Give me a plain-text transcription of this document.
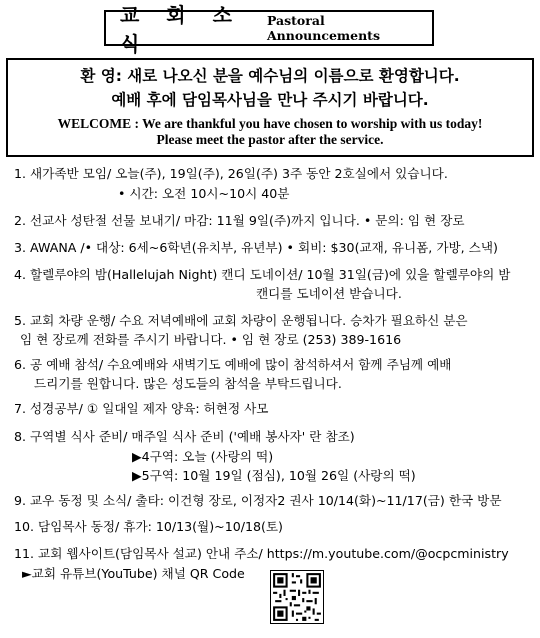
교 회 소 식
Pastoral Announcements
환 영: 새로 나오신 분을 예수님의 이름으로 환영합니다.
예배 후에 담임목사님을 만나 주시기 바랍니다.
WELCOME : We are thankful you have chosen to worship with us today!
Please meet the pastor after the service.
1. 새가족반 모임/ 오늘(주), 19일(주), 26일(주) 3주 동안 2호실에서 있습니다.
• 시간: 오전 10시~10시 40분
2. 선교사 성탄절 선물 보내기/ 마감: 11월 9일(주)까지 입니다. • 문의: 임 현 장로
3. AWANA /• 대상: 6세~6학년(유치부, 유년부) • 회비: $30(교재, 유니폼, 가방, 스낵)
4. 할렐루야의 밤(Hallelujah Night) 캔디 도네이션/ 10월 31일(금)에 있을 할렐루야의 밤
캔디를 도네이션 받습니다.
5. 교회 차량 운행/ 수요 저녁예배에 교회 차량이 운행됩니다. 승차가 필요하신 분은
임 현 장로께 전화를 주시기 바랍니다. • 임 현 장로 (253) 389-1616
6. 공 예배 참석/ 수요예배와 새벽기도 예배에 많이 참석하셔서 함께 주님께 예배
드리기를 원합니다. 많은 성도들의 참석을 부탁드립니다.
7. 성경공부/ ① 일대일 제자 양육: 허현정 사모
8. 구역별 식사 준비/ 매주일 식사 준비 ('예배 봉사자' 란 참조)
▶4구역: 오늘 (사랑의 떡)
▶5구역: 10월 19일 (점심), 10월 26일 (사랑의 떡)
9. 교우 동정 및 소식/ 출타: 이건형 장로, 이정자2 권사 10/14(화)~11/17(금) 한국 방문
10. 담임목사 동정/ 휴가: 10/13(월)~10/18(토)
11. 교회 웹사이트(담임목사 설교) 안내 주소/ https://m.youtube.com/@ocpcministry
►교회 유튜브(YouTube) 채널 QR Code
